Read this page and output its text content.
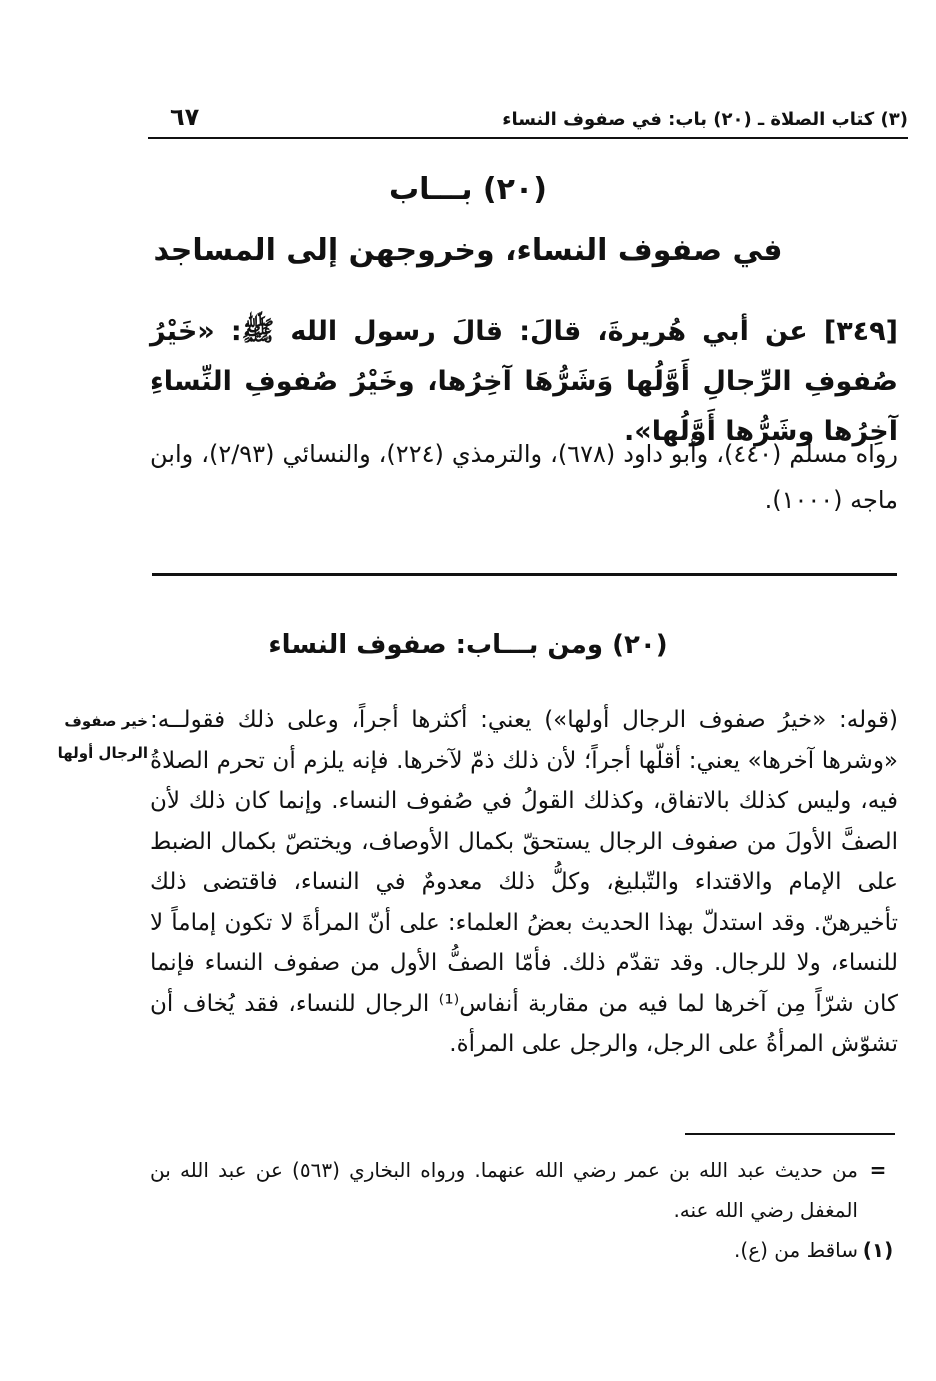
٦٧	(٣) كتاب الصلاة ـ (٢٠) باب: في صفوف النساء
(٢٠) بـــاب
في صفوف النساء، وخروجهن إلى المساجد
[٣٤٩] عن أبي هُريرةَ، قالَ: قالَ رسول الله ﷺ: «خَيْرُ صُفوفِ الرِّجالِ أَوَّلُها وَشَرُّهَا آخِرُها، وخَيْرُ صُفوفِ النِّساءِ آخِرُها وشَرُّها أَوَّلُها».
رواه مسلم (٤٤٠)، وأبو داود (٦٧٨)، والترمذي (٢٢٤)، والنسائي (٢/٩٣)، وابن ماجه (١٠٠٠).
(٢٠) ومن بـــاب: صفوف النساء
خير صفوف الرجال أولها
(قوله: «خيرُ صفوف الرجال أولها») يعني: أكثرها أجراً، وعلى ذلك فقولــه: «وشرها آخرها» يعني: أقلّها أجراً؛ لأن ذلك ذمّ لآخرها. فإنه يلزم أن تحرم الصلاةُ فيه، وليس كذلك بالاتفاق، وكذلك القولُ في صُفوف النساء. وإنما كان ذلك لأن الصفَّ الأولَ من صفوف الرجال يستحقّ بكمال الأوصاف، ويختصّ بكمال الضبط على الإمام والاقتداء والتّبليغ، وكلُّ ذلك معدومٌ في النساء، فاقتضى ذلك تأخيرهنّ. وقد استدلّ بهذا الحديث بعضُ العلماء: على أنّ المرأةَ لا تكون إماماً لا للنساء، ولا للرجال. وقد تقدّم ذلك. فأمّا الصفُّ الأول من صفوف النساء فإنما كان شرّاً مِن آخرها لما فيه من مقاربة أنفاس⁽¹⁾ الرجال للنساء، فقد يُخاف أن تشوّش المرأةُ على الرجل، والرجل على المرأة.
=
من حديث عبد الله بن عمر رضي الله عنهما. ورواه البخاري (٥٦٣) عن عبد الله بن المغفل رضي الله عنه.
(١)
ساقط من (ع).
